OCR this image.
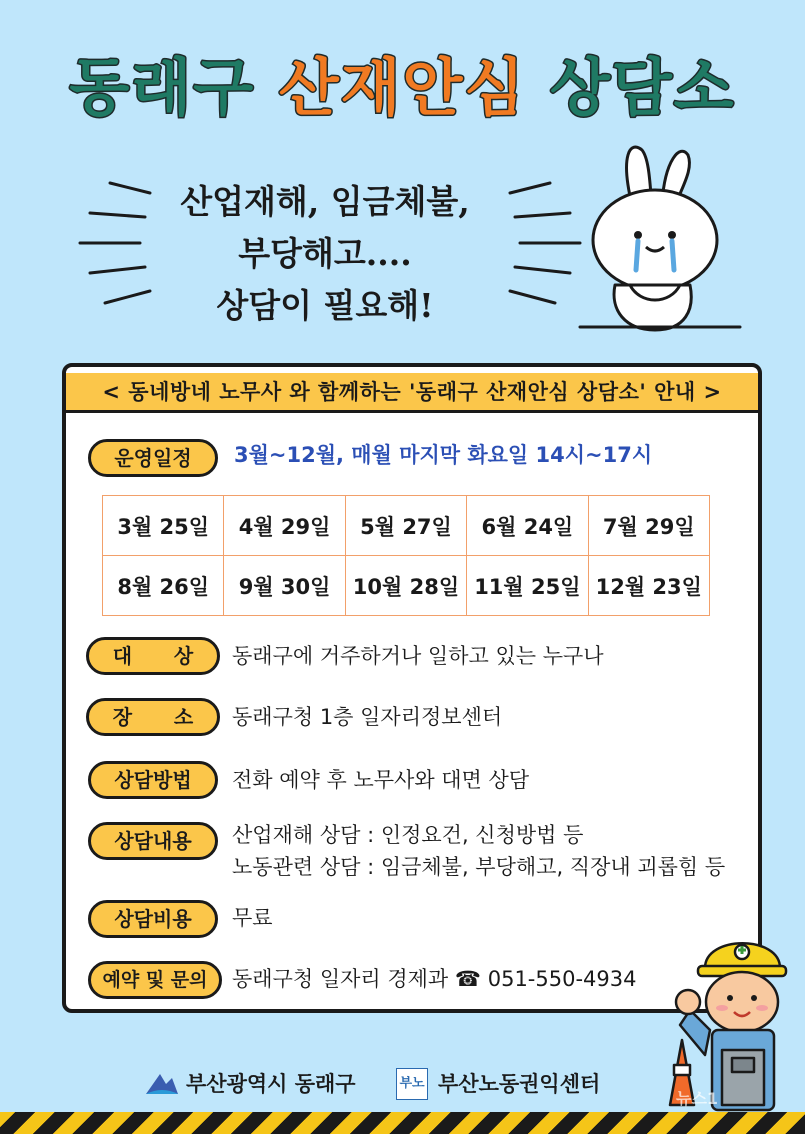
동래구 산재안심 상담소
산업재해, 임금체불,
부당해고....
상담이 필요해!
< 동네방네 노무사 와 함께하는 '동래구 산재안심 상담소' 안내 >
운영일정	3월~12월, 매월 마지막 화요일 14시~17시
3월 25일	4월 29일	5월 27일	6월 24일	7월 29일
8월 26일	9월 30일	10월 28일	11월 25일	12월 23일
대      상	동래구에 거주하거나 일하고 있는 누구나
장      소	동래구청 1층 일자리정보센터
상담방법	전화 예약 후 노무사와 대면 상담
상담내용	산업재해 상담 : 인정요건, 신청방법 등
노동관련 상담 : 임금체불, 부당해고, 직장내 괴롭힘 등
상담비용	무료
예약 및 문의	동래구청 일자리 경제과 ☎ 051-550-4934
부산광역시 동래구	부노 부산노동권익센터
뉴스1
